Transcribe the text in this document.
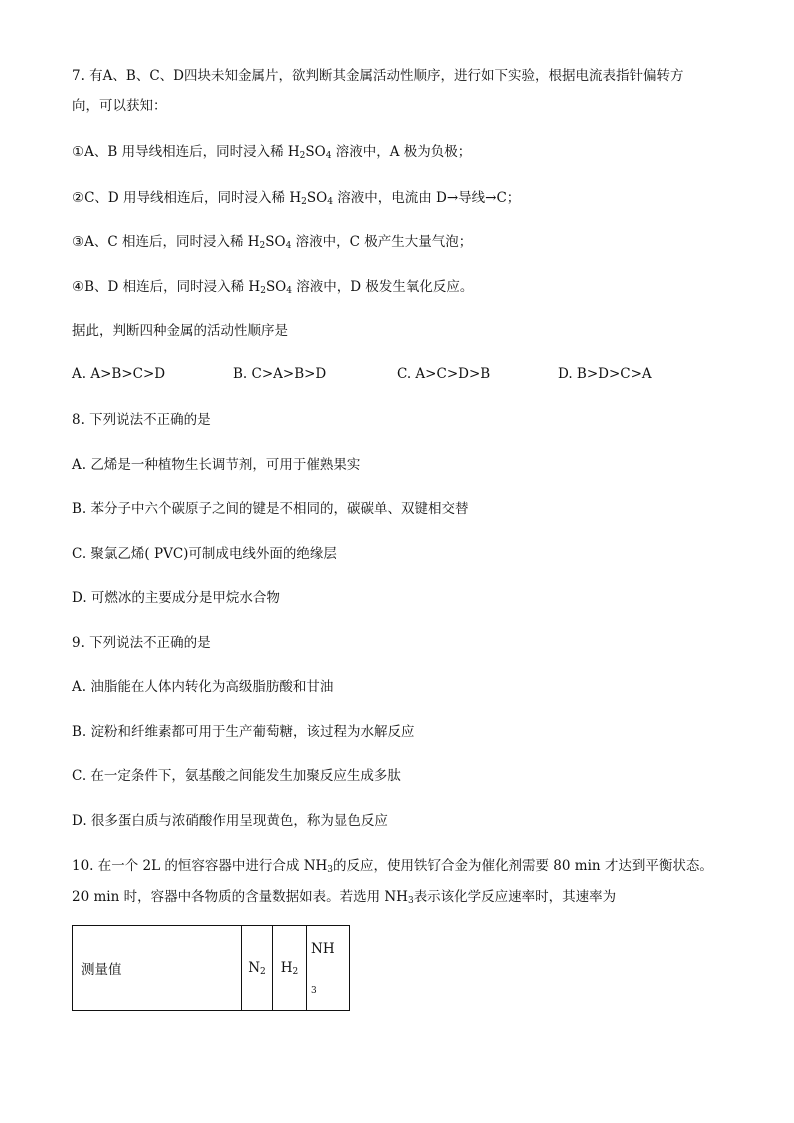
7. 有A、B、C、D四块未知金属片，欲判断其金属活动性顺序，进行如下实验，根据电流表指针偏转方
向，可以获知：
①A、B 用导线相连后，同时浸入稀 $H_2SO_4$ 溶液中，A 极为负极；
②C、D 用导线相连后，同时浸入稀 $H_2SO_4$ 溶液中，电流由 D→导线→C；
③A、C 相连后，同时浸入稀 $H_2SO_4$ 溶液中，C 极产生大量气泡；
④B、D 相连后，同时浸入稀 $H_2SO_4$ 溶液中，D 极发生氧化反应。
据此，判断四种金属的活动性顺序是
A. A>B>C>D	B. C>A>B>D	C. A>C>D>B	D. B>D>C>A
8. 下列说法不正确的是
A. 乙烯是一种植物生长调节剂，可用于催熟果实
B. 苯分子中六个碳原子之间的键是不相同的，碳碳单、双键相交替
C. 聚氯乙烯( PVC)可制成电线外面的绝缘层
D. 可燃冰的主要成分是甲烷水合物
9. 下列说法不正确的是
A. 油脂能在人体内转化为高级脂肪酸和甘油
B. 淀粉和纤维素都可用于生产葡萄糖，该过程为水解反应
C. 在一定条件下，氨基酸之间能发生加聚反应生成多肽
D. 很多蛋白质与浓硝酸作用呈现黄色，称为显色反应
10. 在一个 2L 的恒容容器中进行合成 $NH_3$的反应，使用铁钌合金为催化剂需要 80 min 才达到平衡状态。
20 min 时，容器中各物质的含量数据如表。若选用 $NH_3$表示该化学反应速率时，其速率为
测量值	$N_2$	$H_2$	NH
$_3$
